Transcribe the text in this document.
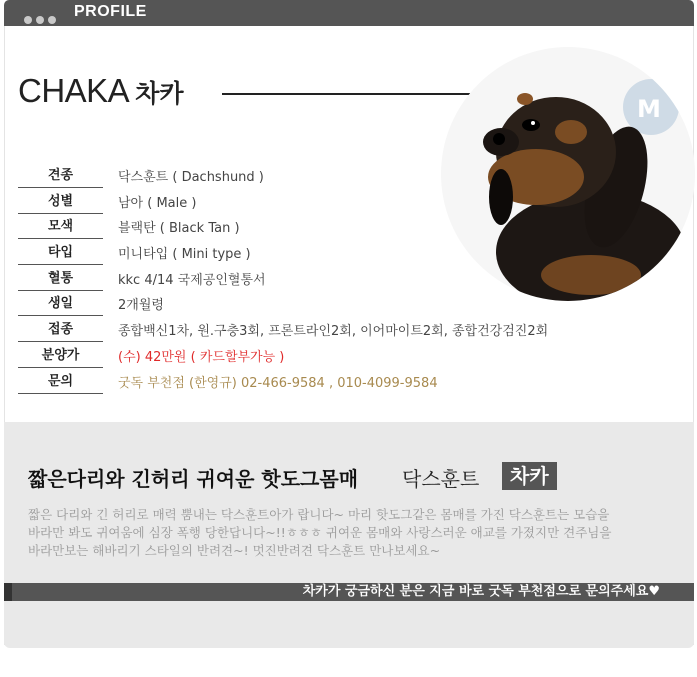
PROFILE
CHAKA 차카
M
견종	닥스훈트 ( Dachshund )
성별	남아 ( Male )
모색	블랙탄 ( Black Tan )
타입	미니타입 ( Mini type )
혈통	kkc 4/14 국제공인혈통서
생일	2개월령
접종	종합백신1차, 원.구충3회, 프론트라인2회, 이어마이트2회, 종합건강검진2회
분양가	(수) 42만원 ( 카드할부가능 )
문의	굿독 부천점 (한영규) 02-466-9584 , 010-4099-9584
짧은다리와 긴허리 귀여운 핫도그몸매 닥스훈트	차카
짧은 다리와 긴 허리로 매력 뿜내는 닥스훈트아가 랍니다~ 마리 핫도그같은 몸매를 가진 닥스훈트는 모습을
바라만 봐도 귀여움에 심장 폭행 당한답니다~!!ㅎㅎㅎ 귀여운 몸매와 사랑스러운 애교를 가졌지만 견주님을
바라만보는 해바리기 스타일의 반려견~! 멋진반려견 닥스훈트 만나보세요~
차카가 궁금하신 분은 지금 바로 굿독 부천점으로 문의주세요♥
